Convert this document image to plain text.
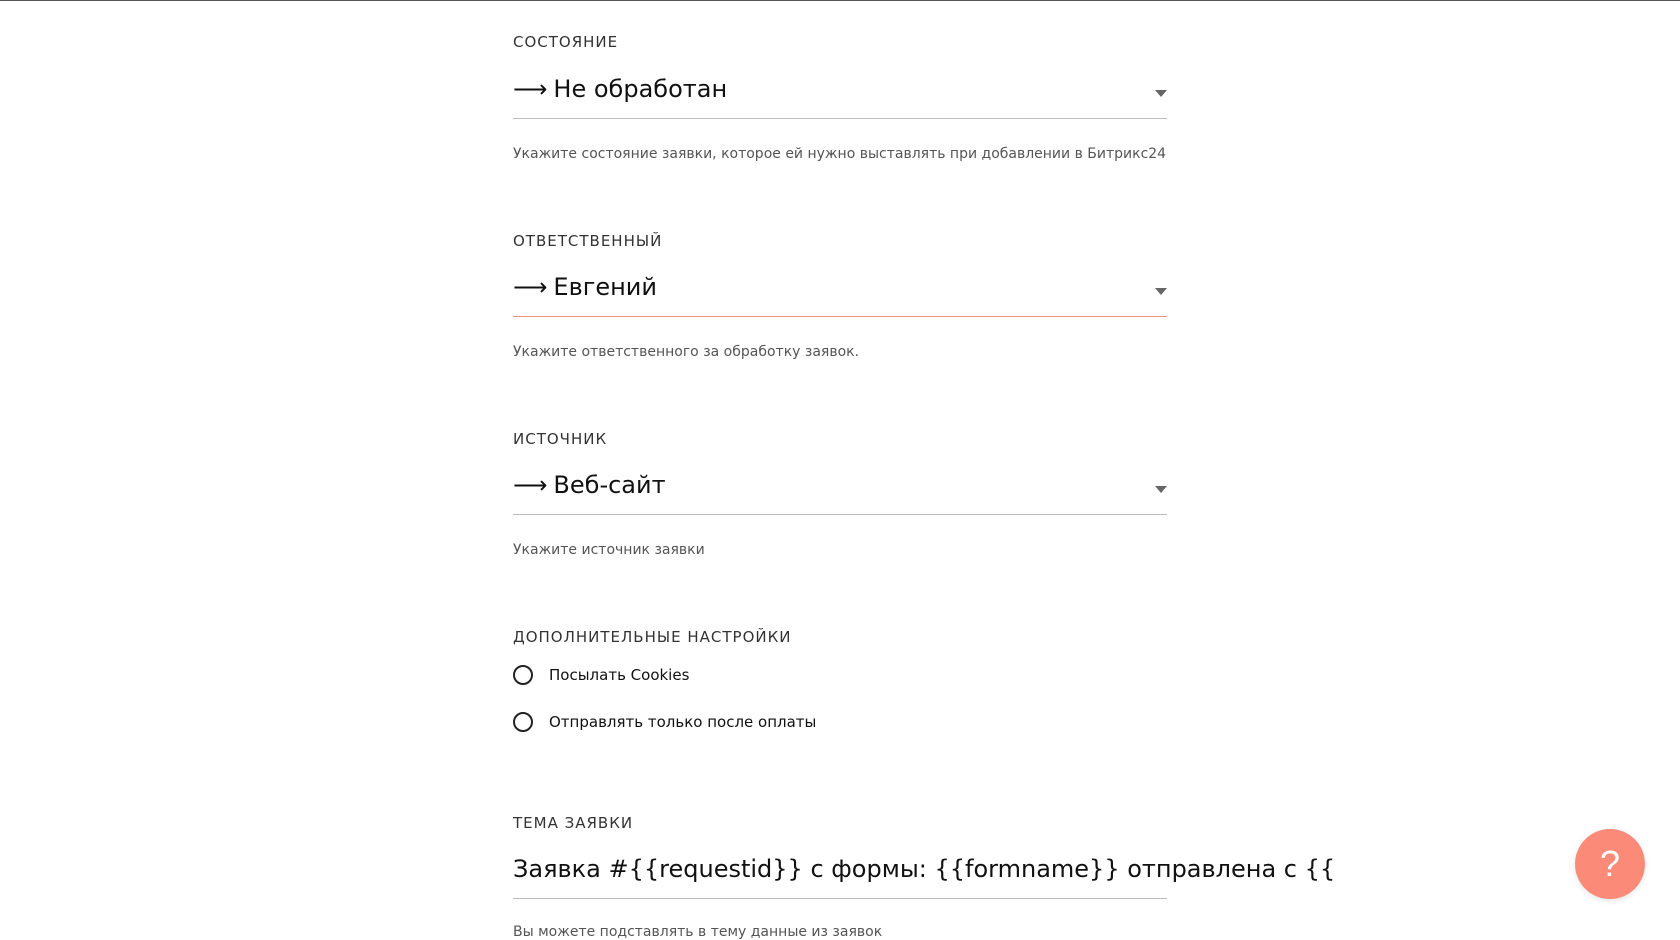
СОСТОЯНИЕ
⟶ Не обработан
Укажите состояние заявки, которое ей нужно выставлять при добавлении в Битрикс24
ОТВЕТСТВЕННЫЙ
⟶ Евгений
Укажите ответственного за обработку заявок.
ИСТОЧНИК
⟶ Веб-сайт
Укажите источник заявки
ДОПОЛНИТЕЛЬНЫЕ НАСТРОЙКИ
Посылать Cookies
Отправлять только после оплаты
ТЕМА ЗАЯВКИ
Заявка #{{requestid}} с формы: {{formname}} отправлена с {{
Вы можете подставлять в тему данные из заявок
?
